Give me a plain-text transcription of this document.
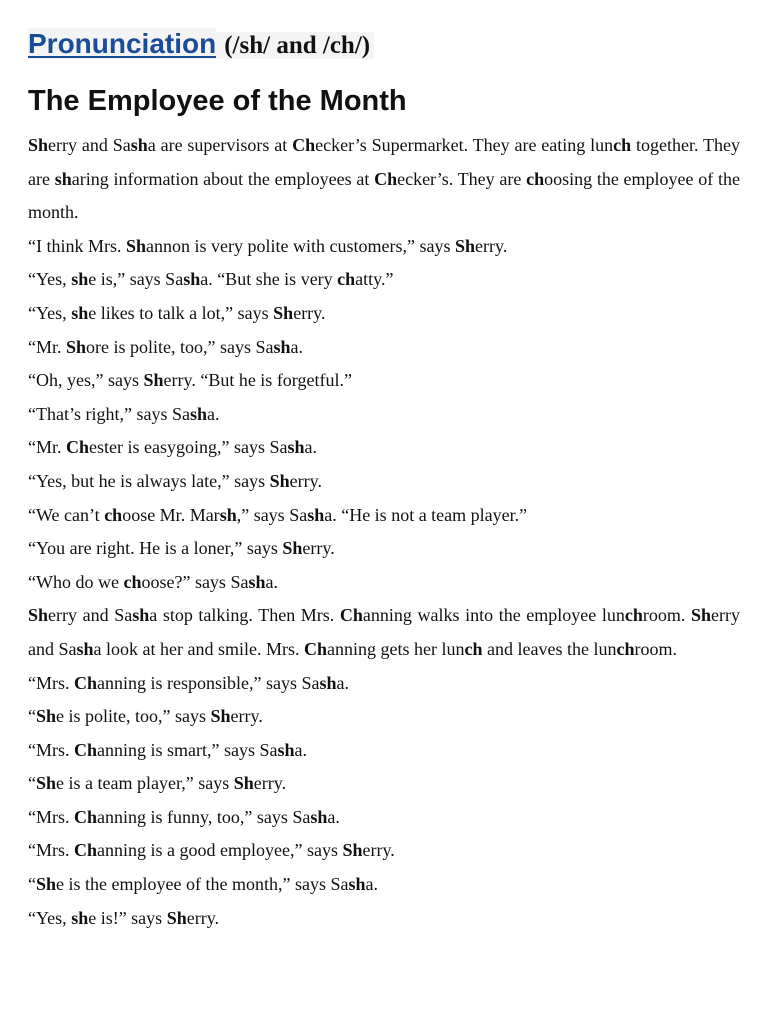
Pronunciation (/sh/ and /ch/)
The Employee of the Month

Sherry and Sasha are supervisors at Checker’s Supermarket. They are eating lunch together. They are sharing information about the employees at Checker’s. They are choosing the employee of the month.

“I think Mrs. Shannon is very polite with customers,” says Sherry.

“Yes, she is,” says Sasha. “But she is very chatty.”

“Yes, she likes to talk a lot,” says Sherry.

“Mr. Shore is polite, too,” says Sasha.

“Oh, yes,” says Sherry. “But he is forgetful.”

“That’s right,” says Sasha.

“Mr. Chester is easygoing,” says Sasha.

“Yes, but he is always late,” says Sherry.

“We can’t choose Mr. Marsh,” says Sasha. “He is not a team player.”

“You are right. He is a loner,” says Sherry.

“Who do we choose?” says Sasha.

Sherry and Sasha stop talking. Then Mrs. Channing walks into the employee lunchroom. Sherry and Sasha look at her and smile. Mrs. Channing gets her lunch and leaves the lunchroom.

“Mrs. Channing is responsible,” says Sasha.

“She is polite, too,” says Sherry.

“Mrs. Channing is smart,” says Sasha.

“She is a team player,” says Sherry.

“Mrs. Channing is funny, too,” says Sasha.

“Mrs. Channing is a good employee,” says Sherry.

“She is the employee of the month,” says Sasha.

“Yes, she is!” says Sherry.
